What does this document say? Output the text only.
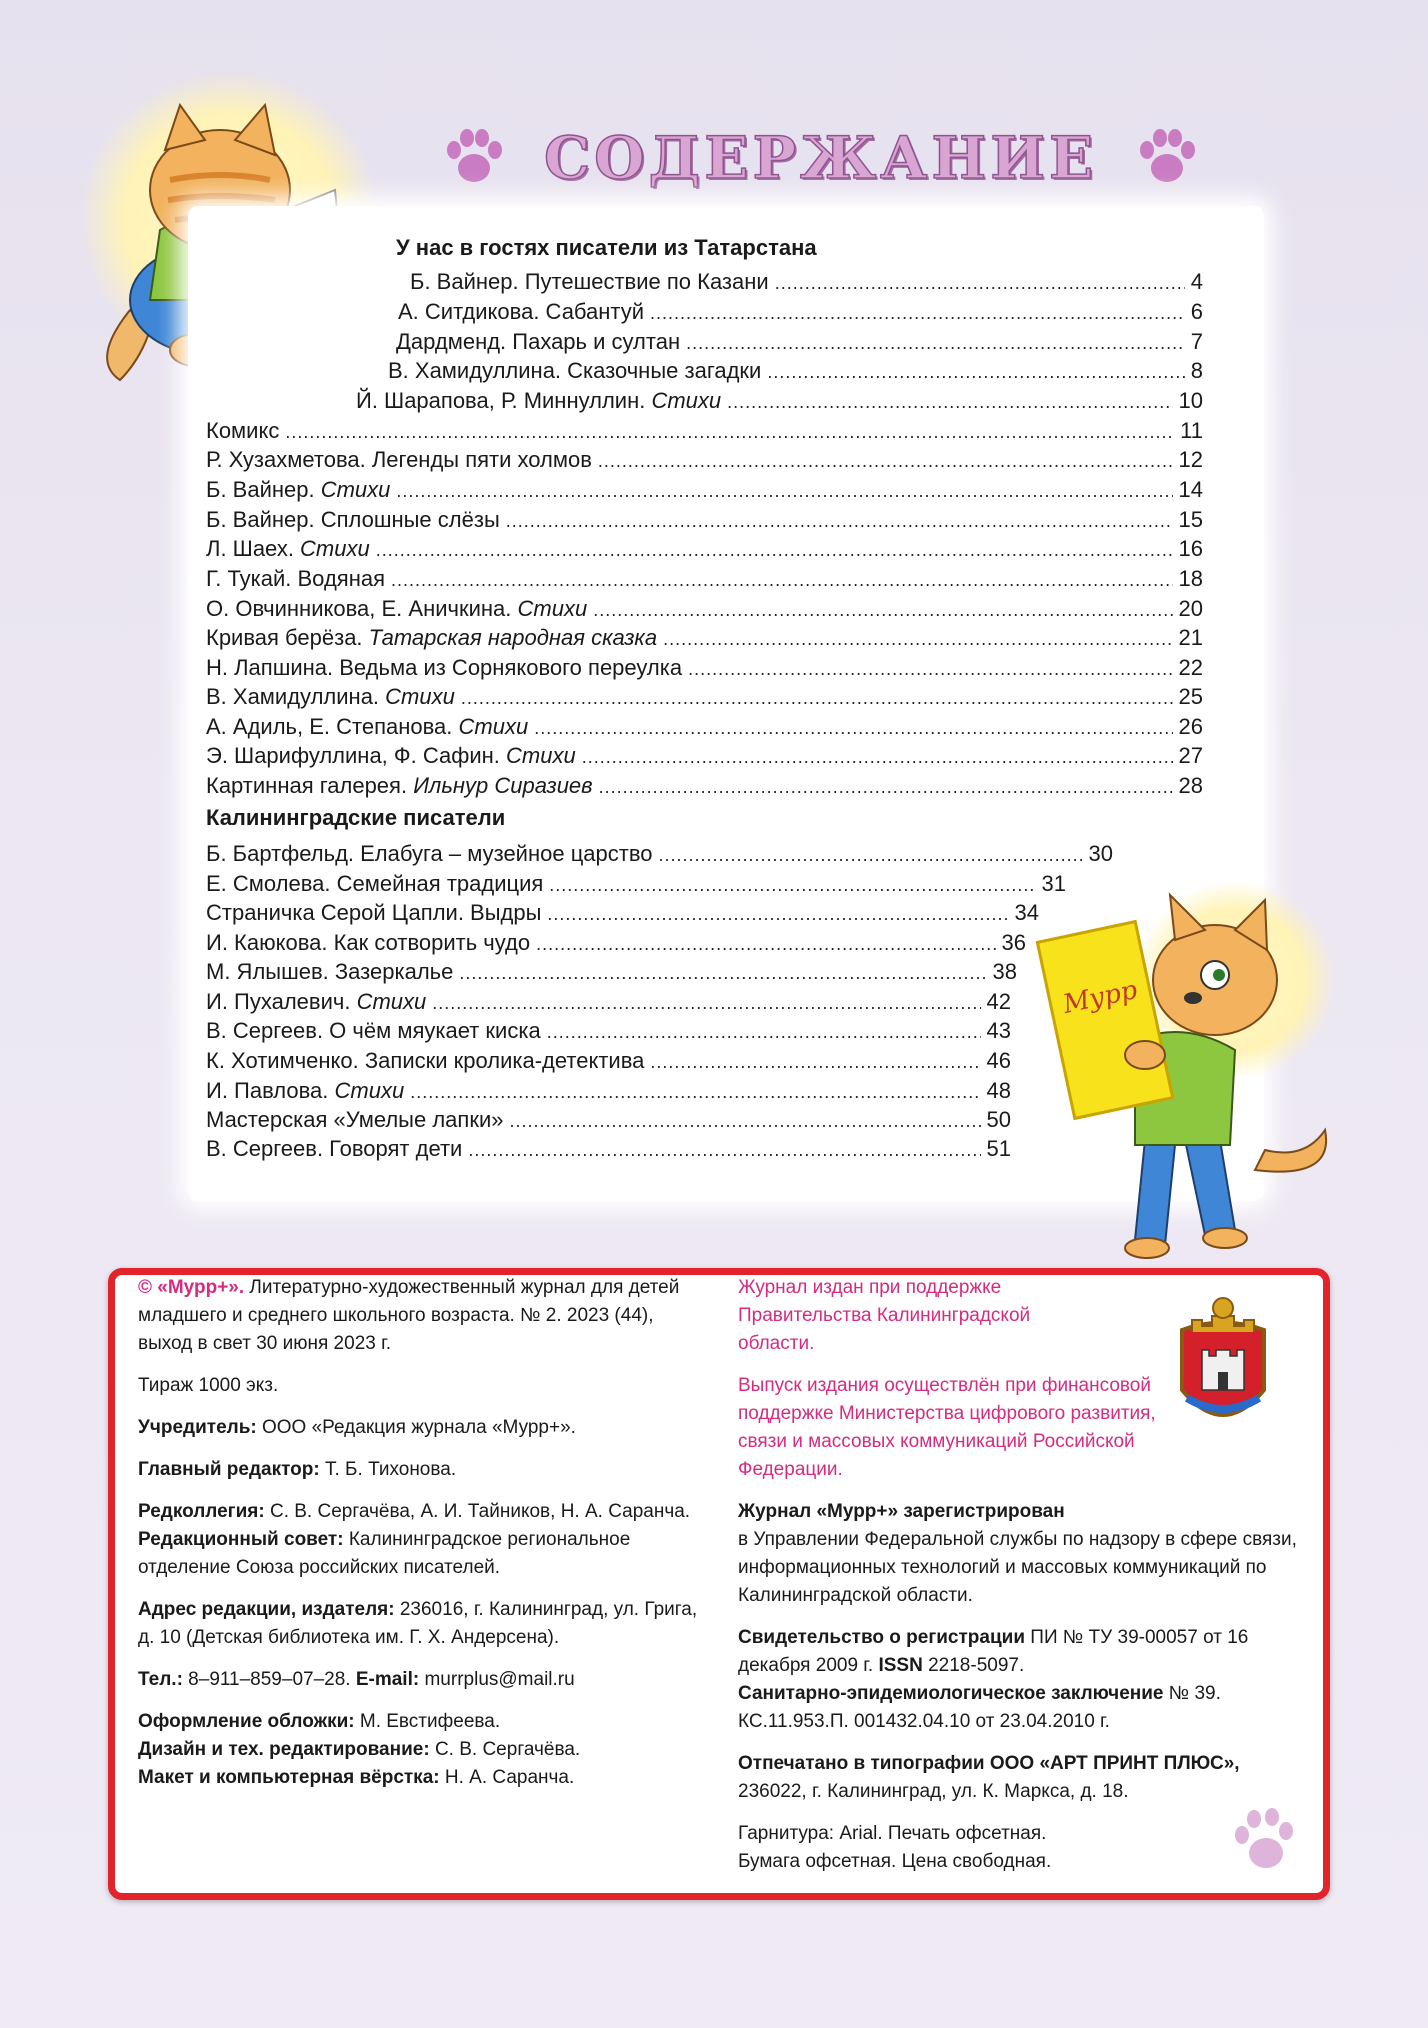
СОДЕРЖАНИЕ
У нас в гостях писатели из Татарстана
Б. Вайнер. Путешествие по Казани .....	4
А. Ситдикова. Сабантуй .....	6
Дардменд. Пахарь и султан .....	7
В. Хамидуллина. Сказочные загадки .....	8
Й. Шарапова, Р. Миннуллин. Стихи .....	10
Комикс .....	11
Р. Хузахметова. Легенды пяти холмов .....	12
Б. Вайнер. Стихи .....	14
Б. Вайнер. Сплошные слёзы .....	15
Л. Шаех. Стихи .....	16
Г. Тукай. Водяная .....	18
О. Овчинникова, Е. Аничкина. Стихи .....	20
Кривая берёза. Татарская народная сказка .....	21
Н. Лапшина. Ведьма из Сорнякового переулка .....	22
В. Хамидуллина. Стихи .....	25
А. Адиль, Е. Степанова. Стихи .....	26
Э. Шарифуллина, Ф. Сафин. Стихи .....	27
Картинная галерея. Ильнур Сиразиев .....	28
Калининградские писатели
Б. Бартфельд. Елабуга – музейное царство .....	30
Е. Смолева. Семейная традиция .....	31
Страничка Серой Цапли. Выдры .....	34
И. Каюкова. Как сотворить чудо .....	36
М. Ялышев. Зазеркалье .....	38
И. Пухалевич. Стихи .....	42
В. Сергеев. О чём мяукает киска .....	43
К. Хотимченко. Записки кролика-детектива .....	46
И. Павлова. Стихи .....	48
Мастерская «Умелые лапки» .....	50
В. Сергеев. Говорят дети .....	51
Мурр

© «Мурр+». Литературно-художественный журнал для детей младшего и среднего школьного возраста. № 2. 2023 (44), выход в свет 30 июня 2023 г.

Тираж 1000 экз.

Учредитель: ООО «Редакция журнала «Мурр+».

Главный редактор: Т. Б. Тихонова.

Редколлегия: С. В. Сергачёва, А. И. Тайников, Н. А. Саранча.

Редакционный совет: Калининградское региональное отделение Союза российских писателей.

Адрес редакции, издателя: 236016, г. Калининград, ул. Грига, д. 10 (Детская библиотека им. Г. Х. Андерсена).

Тел.: 8–911–859–07–28. E-mail: murrplus@mail.ru

Оформление обложки: М. Евстифеева.

Дизайн и тех. редактирование: С. В. Сергачёва.

Макет и компьютерная вёрстка: Н. А. Саранча.

Журнал издан при поддержке Правительства Калининградской области.

Выпуск издания осуществлён при финансовой поддержке Министерства цифрового развития, связи и массовых коммуникаций Российской Федерации.

Журнал «Мурр+» зарегистрирован
в Управлении Федеральной службы по надзору в сфере связи, информационных технологий и массовых коммуникаций по Калининградской области.

Свидетельство о регистрации ПИ № ТУ 39-00057 от 16 декабря 2009 г. ISSN 2218-5097.

Санитарно-эпидемиологическое заключение № 39. КС.11.953.П. 001432.04.10 от 23.04.2010 г.

Отпечатано в типографии ООО «АРТ ПРИНТ ПЛЮС», 236022, г. Калининград, ул. К. Маркса, д. 18.

Гарнитура: Arial. Печать офсетная.

Бумага офсетная. Цена свободная.
